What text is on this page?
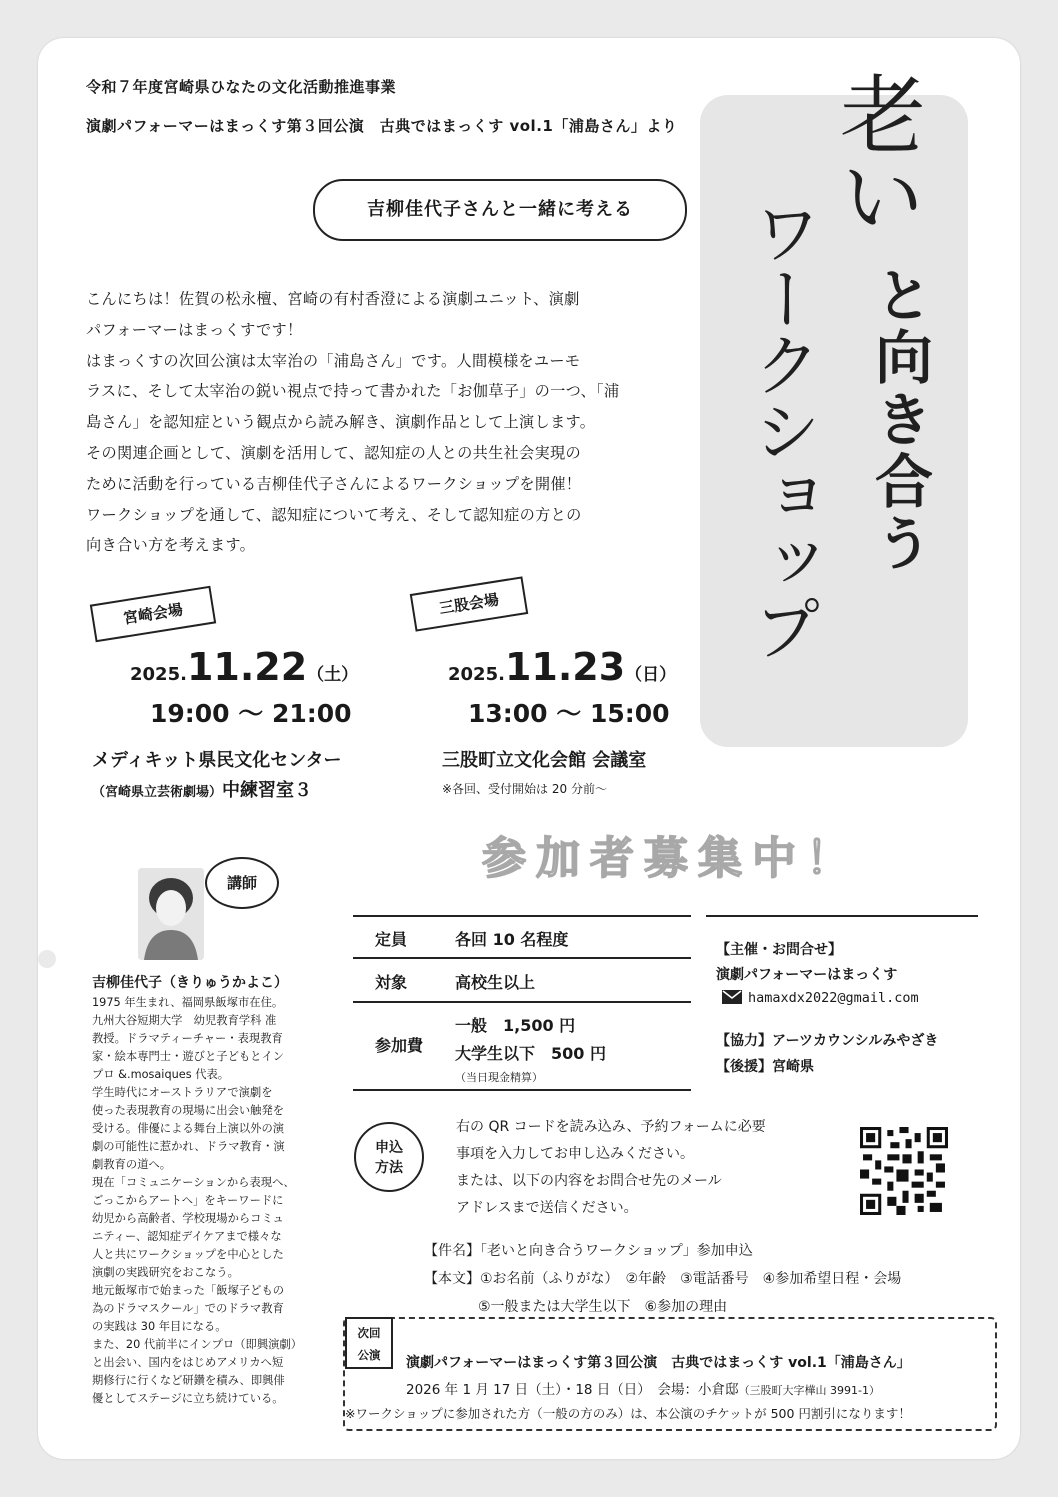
令和７年度宮崎県ひなたの文化活動推進事業
演劇パフォーマーはまっくす第３回公演　古典ではまっくす vol.1「浦島さん」より 老い
と向き合う
ワークショップ
吉柳佳代子さんと一緒に考える

こんにちは！佐賀の松永檀、宮崎の有村香澄による演劇ユニット、演劇

パフォーマーはまっくすです！

はまっくすの次回公演は太宰治の「浦島さん」です。人間模様をユーモ

ラスに、そして太宰治の鋭い視点で持って書かれた「お伽草子」の一つ、「浦

島さん」を認知症という観点から読み解き、演劇作品として上演します。

その関連企画として、演劇を活用して、認知症の人との共生社会実現の

ために活動を行っている吉柳佳代子さんによるワークショップを開催！

ワークショップを通して、認知症について考え、そして認知症の方との

向き合い方を考えます。

宮崎会場
2025.11.22（土）
19:00 ～ 21:00
メディキット県民文化センター
（宮崎県立芸術劇場）中練習室３
三股会場
2025.11.23（日）
13:00 ～ 15:00
三股町立文化会館 会議室
※各回、受付開始は 20 分前～
参加者募集中！
講師
吉柳佳代子（きりゅうかよこ）

1975 年生まれ、福岡県飯塚市在住。

九州大谷短期大学　幼児教育学科 准

教授。ドラマティーチャー・表現教育

家・絵本専門士・遊びと子どもとイン

プロ &.mosaiques 代表。

学生時代にオーストラリアで演劇を

使った表現教育の現場に出会い触発を

受ける。俳優による舞台上演以外の演

劇の可能性に惹かれ、ドラマ教育・演

劇教育の道へ。

現在「コミュニケーションから表現へ、

ごっこからアートへ」をキーワードに

幼児から高齢者、学校現場からコミュ

ニティー、認知症デイケアまで様々な

人と共にワークショップを中心とした

演劇の実践研究をおこなう。

地元飯塚市で始まった「飯塚子どもの

為のドラマスクール」でのドラマ教育

の実践は 30 年目になる。

また、20 代前半にインプロ（即興演劇）

と出会い、国内をはじめアメリカへ短

期修行に行くなど研鑽を積み、即興俳

優としてステージに立ち続けている。

定員	各回 10 名程度
対象	高校生以上
参加費
一般　1,500 円
大学生以下　500 円
（当日現金精算）
【主催・お問合せ】
演劇パフォーマーはまっくす
hamaxdx2022@gmail.com
【協力】 アーツカウンシルみやざき
【後援】 宮崎県
申込
方法

右の QR コードを読み込み、予約フォームに必要

事項を入力してお申し込みください。

または、以下の内容をお問合せ先のメール

アドレスまで送信ください。

【件名】「老いと向き合うワークショップ」参加申込
【本文】①お名前（ふりがな）　②年齢　③電話番号　④参加希望日程・会場
⑤一般または大学生以下　⑥参加の理由
次回
公演	演劇パフォーマーはまっくす第３回公演　古典ではまっくす vol.1「浦島さん」
2026 年 1 月 17 日（土）・18 日（日）　会場：小倉邸（三股町大字樺山 3991-1）
※ワークショップに参加された方（一般の方のみ）は、本公演のチケットが 500 円割引になります！
